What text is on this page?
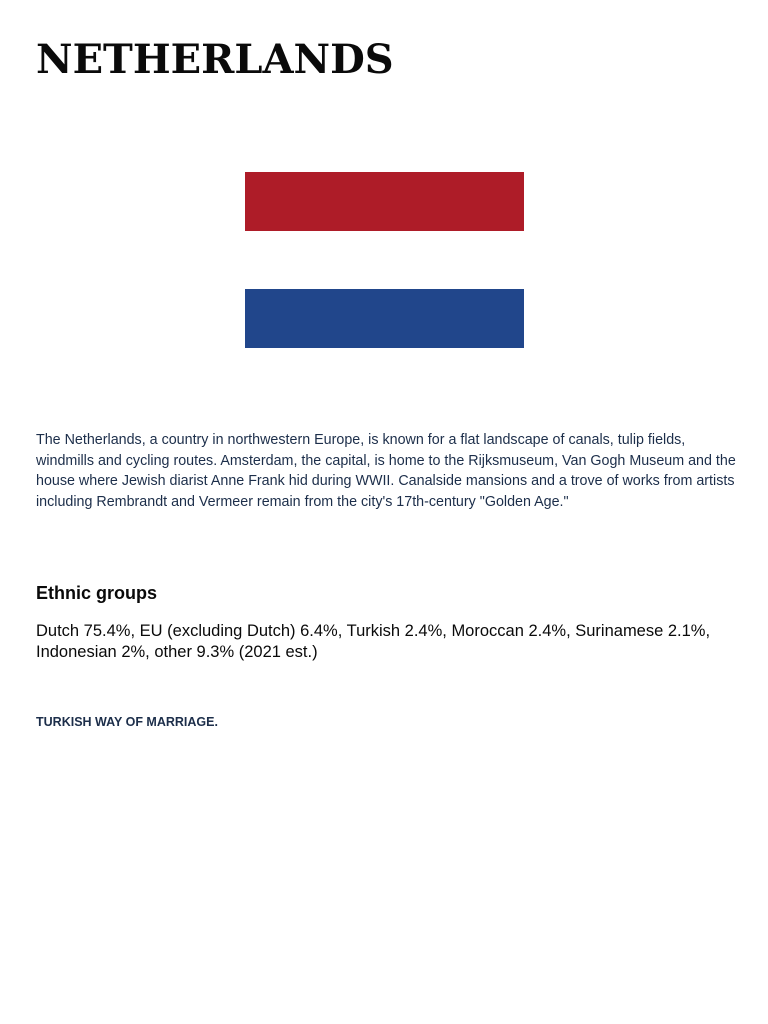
NETHERLANDS

The Netherlands, a country in northwestern Europe, is known for a flat landscape of canals, tulip fields, windmills and cycling routes. Amsterdam, the capital, is home to the Rijksmuseum, Van Gogh Museum and the house where Jewish diarist Anne Frank hid during WWII. Canalside mansions and a trove of works from artists including Rembrandt and Vermeer remain from the city's 17th-century "Golden Age."

Ethnic groups

Dutch 75.4%, EU (excluding Dutch) 6.4%, Turkish 2.4%, Moroccan 2.4%, Surinamese 2.1%, Indonesian 2%, other 9.3% (2021 est.)

TURKISH WAY OF MARRIAGE.
